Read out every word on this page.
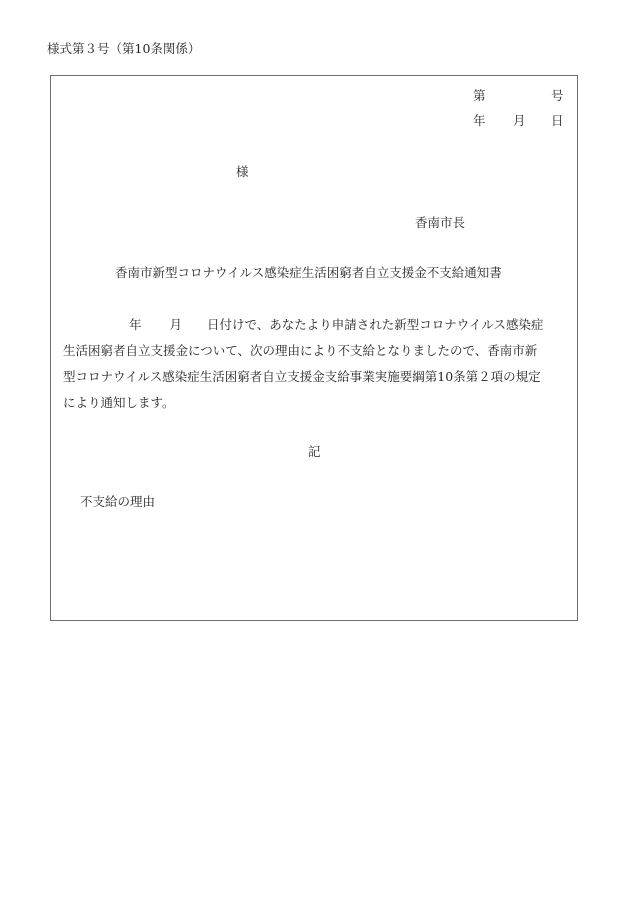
様式第３号（第10条関係）
第	号
年 月 日
様
香南市長
香南市新型コロナウイルス感染症生活困窮者自立支援金不支給通知書
年 月 日付けで、あなたより申請された新型コロナウイルス感染症
生活困窮者自立支援金について、次の理由により不支給となりましたので、香南市新
型コロナウイルス感染症生活困窮者自立支援金支給事業実施要綱第10条第２項の規定
により通知します。
記
不支給の理由
